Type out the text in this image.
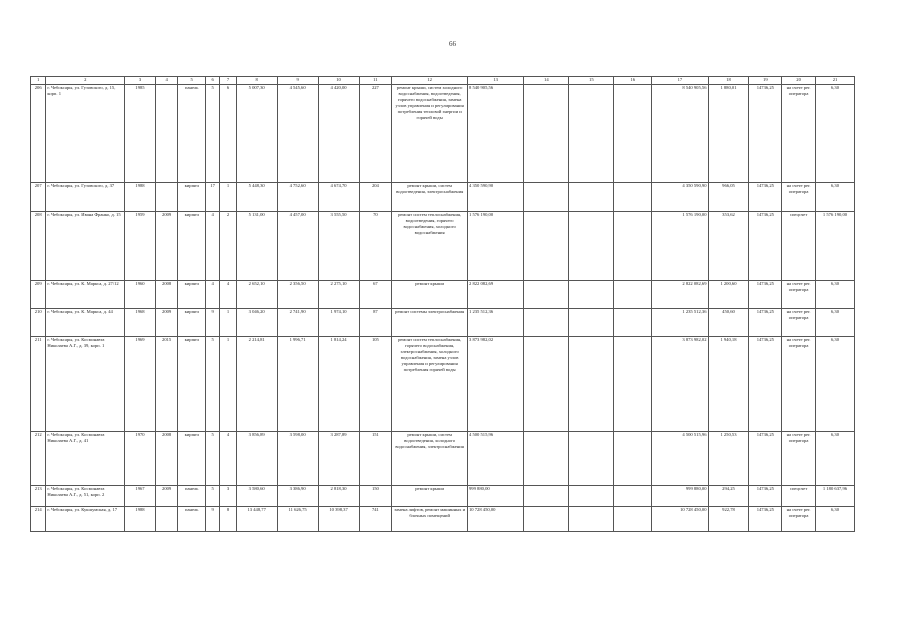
66
1	2	3	4	5	6	7	8	9	10	11	12	13	14	15	16	17	18	19	20	21
206	г. Чебоксары, ул. Гузовского, д. 15, корп. 1	1985		панель	5	6	5 007,30	4 545,60	4 420,00	227	ремонт крыши, систем холодного водоснабжения, водоотведения, горячего водоснабжения, замена узлов управления и регулирования потребления тепловой энергии и горячей воды	8 540 905,56				8 540 905,56	1 880,01	14736,25	на счете рег. оператора	6,30
207	г. Чебоксары, ул. Гузовского, д. 37	1988		кирпич	17	1	5 448,30	4 752,60	4 674,70	204	ремонт крыши, систем водоотведения, электроснабжения	4 350 590,90				4 350 590,90	966,05	14736,25	на счете рег. оператора	6,30
208	г. Чебоксары, ул. Ивана Франко, д. 15	1959	2009	кирпич	4	2	5 131,00	4 457,00	3 555,50	70	ремонт систем теплоснабжения, водоотведения, горячего водоснабжения, холодного водоснабжения	1 576 190,00				1 576 190,00	353,62	14736,25	спецсчет	1 576 190,00
209	г. Чебоксары, ул. К. Маркса, д. 27/12	1960	2008	кирпич	4	4	2 652,10	2 356,50	2 275,10	67	ремонт крыши	2 822 082,69				2 822 082,69	1 200,60	14736,25	на счете рег. оператора	6,30
210	г. Чебоксары, ул. К. Маркса, д. 44	1968	2009	кирпич	9	1	3 046,20	2 741,90	1 974,10	87	ремонт системы электроснабжения	1 235 512,36				1 235 512,36	450,60	14736,25	на счете рег. оператора	6,30
211	г. Чебоксары, ул. Космонавта Николаева А.Г., д. 39, корп. 1	1969	2015	кирпич	5	1	2 214,81	1 996,71	1 814,24	105	ремонт систем теплоснабжения, горячего водоснабжения, электроснабжения, холодного водоснабжения, замена узлов управления и регулирования потребления горячей воды	3 873 982,02				3 873 982,02	1 940,18	14736,25	на счете рег. оператора	6,30
212	г. Чебоксары, ул. Космонавта Николаева А.Г., д. 41	1970	2008	кирпич	5	4	3 856,89	3 598,00	3 287,89	151	ремонт крыши, систем водоотведения, холодного водоснабжения, электроснабжения	4 500 515,96				4 500 515,96	1 250,53	14736,25	на счете рег. оператора	6,30
213	г. Чебоксары, ул. Космонавта Николаева А.Г., д. 51, корп. 2	1967	2009	панель	5	3	3 580,60	3 386,90	2 818,30	150	ремонт крыши	999 880,00				999 880,00	294,25	14736,25	спецсчет	1 180 637,96
214	г. Чебоксары, ул. Кукшумская, д. 17	1988		панель	9	8	13 448,77	11 626,75	10 398,37	741	замена лифтов, ремонт машинных и блочных помещений	10 728 450,00				10 728 450,00	922,78	14736,25	на счете рег. оператора	6,30
